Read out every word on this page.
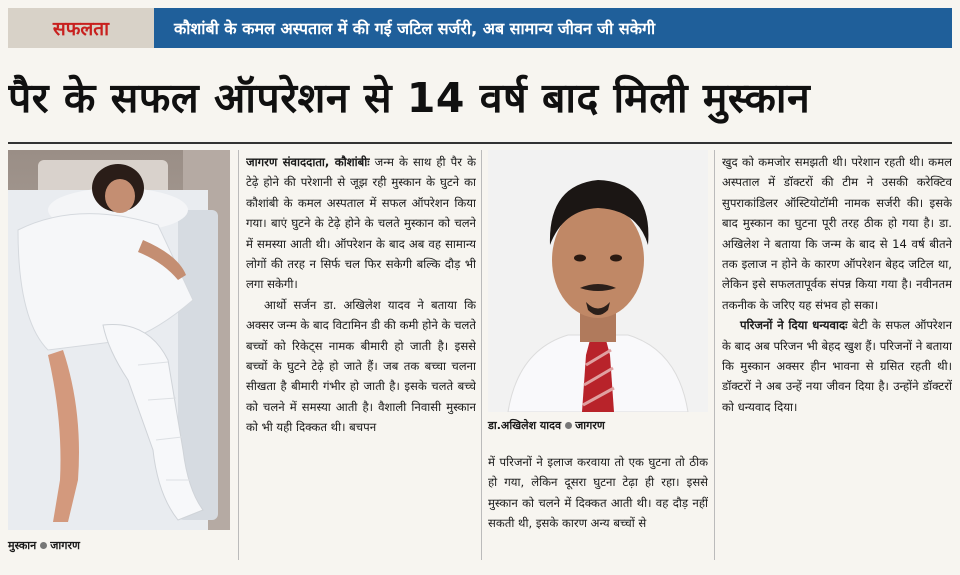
सफलता	कौशांबी के कमल अस्पताल में की गई जटिल सर्जरी, अब सामान्य जीवन जी सकेगी
पैर के सफल ऑपरेशन से 14 वर्ष बाद मिली मुस्कान
मुस्कान जागरण

जागरण संवाददाता, कौशांबीः जन्म के साथ ही पैर के टेढ़े होने की परेशानी से जूझ रही मुस्कान के घुटने का कौशांबी के कमल अस्पताल में सफल ऑपरेशन किया गया। बाएं घुटने के टेढ़े होने के चलते मुस्कान को चलने में समस्या आती थी। ऑपरेशन के बाद अब वह सामान्य लोगों की तरह न सिर्फ चल फिर सकेगी बल्कि दौड़ भी लगा सकेगी।

आर्थो सर्जन डा. अखिलेश यादव ने बताया कि अक्सर जन्म के बाद विटामिन डी की कमी होने के चलते बच्चों को रिकेट्स नामक बीमारी हो जाती है। इससे बच्चों के घुटने टेढ़े हो जाते हैं। जब तक बच्चा चलना सीखता है बीमारी गंभीर हो जाती है। इसके चलते बच्चे को चलने में समस्या आती है। वैशाली निवासी मुस्कान को भी यही दिक्कत थी। बचपन	डा.अखिलेश यादव जागरण

में परिजनों ने इलाज करवाया तो एक घुटना तो ठीक हो गया, लेकिन दूसरा घुटना टेढ़ा ही रहा। इससे मुस्कान को चलने में दिक्कत आती थी। वह दौड़ नहीं सकती थी, इसके कारण अन्य बच्चों से

खुद को कमजोर समझती थी। परेशान रहती थी। कमल अस्पताल में डॉक्टरों की टीम ने उसकी करेक्टिव सुपराकांडिलर ऑस्टियोटॉमी नामक सर्जरी की। इसके बाद मुस्कान का घुटना पूरी तरह ठीक हो गया है। डा. अखिलेश ने बताया कि जन्म के बाद से 14 वर्ष बीतने तक इलाज न होने के कारण ऑपरेशन बेहद जटिल था, लेकिन इसे सफलतापूर्वक संपन्न किया गया है। नवीनतम तकनीक के जरिए यह संभव हो सका।

परिजनों ने दिया धन्यवादः बेटी के सफल ऑपरेशन के बाद अब परिजन भी बेहद खुश हैं। परिजनों ने बताया कि मुस्कान अक्सर हीन भावना से ग्रसित रहती थी। डॉक्टरों ने अब उन्हें नया जीवन दिया है। उन्होंने डॉक्टरों को धन्यवाद दिया।
